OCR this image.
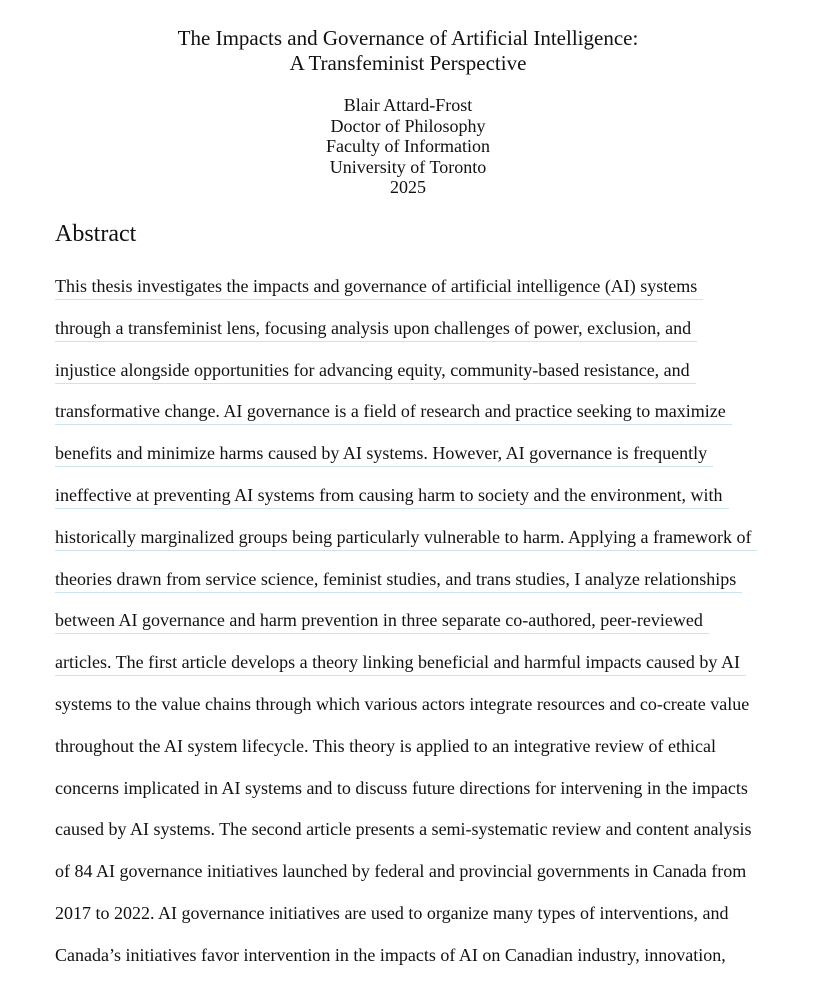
The Impacts and Governance of Artificial Intelligence:
A Transfeminist Perspective
Blair Attard-Frost
Doctor of Philosophy
Faculty of Information
University of Toronto
2025
Abstract
This thesis investigates the impacts and governance of artificial intelligence (AI) systems
through a transfeminist lens, focusing analysis upon challenges of power, exclusion, and
injustice alongside opportunities for advancing equity, community-based resistance, and
transformative change. AI governance is a field of research and practice seeking to maximize
benefits and minimize harms caused by AI systems. However, AI governance is frequently
ineffective at preventing AI systems from causing harm to society and the environment, with
historically marginalized groups being particularly vulnerable to harm. Applying a framework of
theories drawn from service science, feminist studies, and trans studies, I analyze relationships
between AI governance and harm prevention in three separate co-authored, peer-reviewed
articles. The first article develops a theory linking beneficial and harmful impacts caused by AI
systems to the value chains through which various actors integrate resources and co-create value
throughout the AI system lifecycle. This theory is applied to an integrative review of ethical
concerns implicated in AI systems and to discuss future directions for intervening in the impacts
caused by AI systems. The second article presents a semi-systematic review and content analysis
of 84 AI governance initiatives launched by federal and provincial governments in Canada from
2017 to 2022. AI governance initiatives are used to organize many types of interventions, and
Canada’s initiatives favor intervention in the impacts of AI on Canadian industry, innovation,
